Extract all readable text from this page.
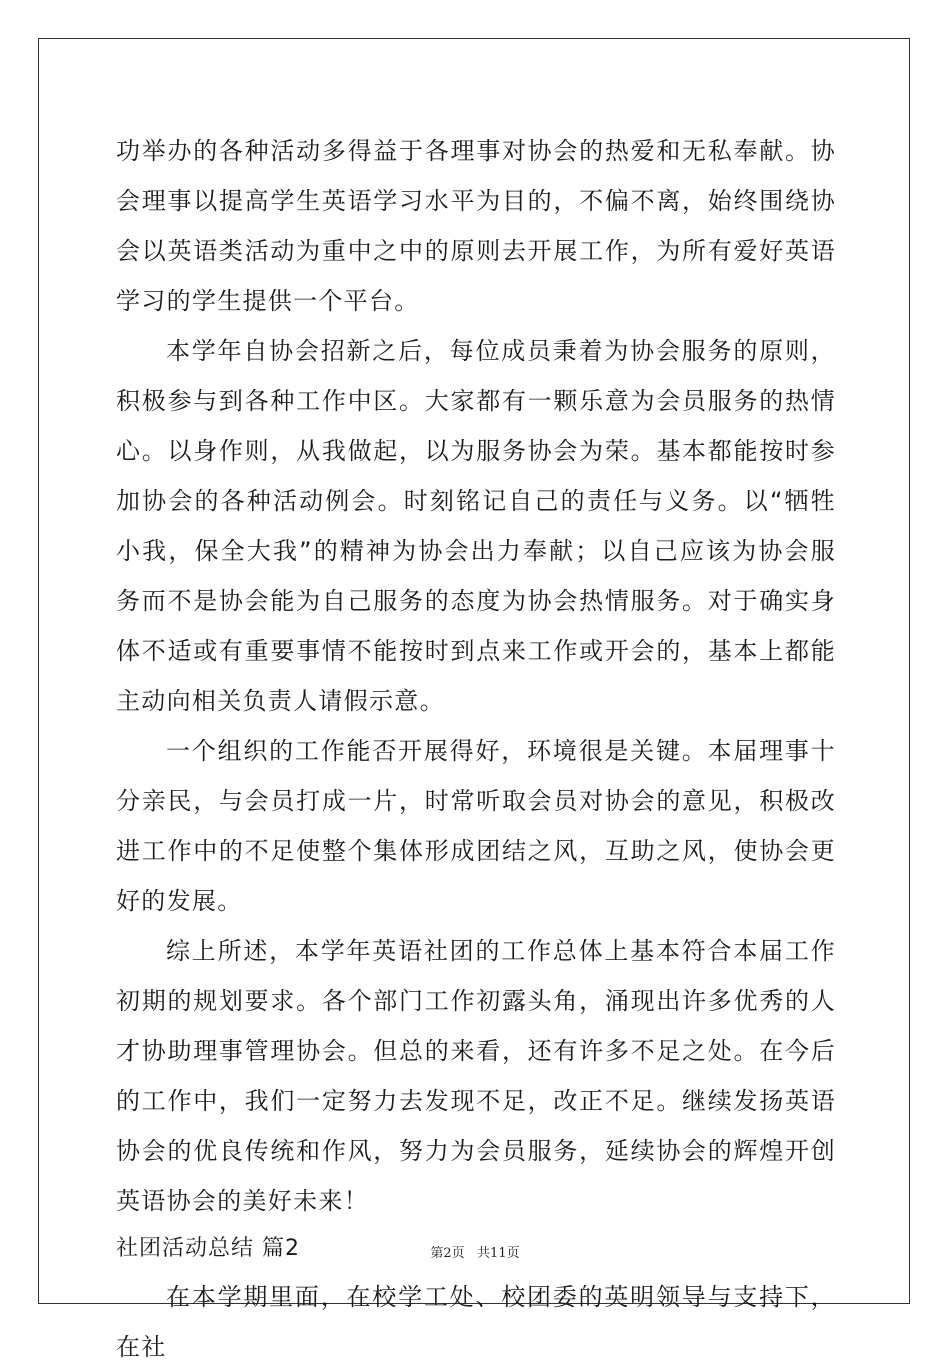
功举办的各种活动多得益于各理事对协会的热爱和无私奉献。协会理事以提高学生英语学习水平为目的，不偏不离，始终围绕协会以英语类活动为重中之中的原则去开展工作，为所有爱好英语学习的学生提供一个平台。

本学年自协会招新之后，每位成员秉着为协会服务的原则，积极参与到各种工作中区。大家都有一颗乐意为会员服务的热情心。以身作则，从我做起，以为服务协会为荣。基本都能按时参加协会的各种活动例会。时刻铭记自己的责任与义务。以“牺牲小我，保全大我”的精神为协会出力奉献；以自己应该为协会服务而不是协会能为自己服务的态度为协会热情服务。对于确实身体不适或有重要事情不能按时到点来工作或开会的，基本上都能主动向相关负责人请假示意。

一个组织的工作能否开展得好，环境很是关键。本届理事十分亲民，与会员打成一片，时常听取会员对协会的意见，积极改进工作中的不足使整个集体形成团结之风，互助之风，使协会更好的发展。

综上所述，本学年英语社团的工作总体上基本符合本届工作初期的规划要求。各个部门工作初露头角，涌现出许多优秀的人才协助理事管理协会。但总的来看，还有许多不足之处。在今后的工作中，我们一定努力去发现不足，改正不足。继续发扬英语协会的优良传统和作风，努力为会员服务，延续协会的辉煌开创英语协会的美好未来！

社团活动总结 篇2

在本学期里面，在校学工处、校团委的英明领导与支持下，在社

第2页   共11页
